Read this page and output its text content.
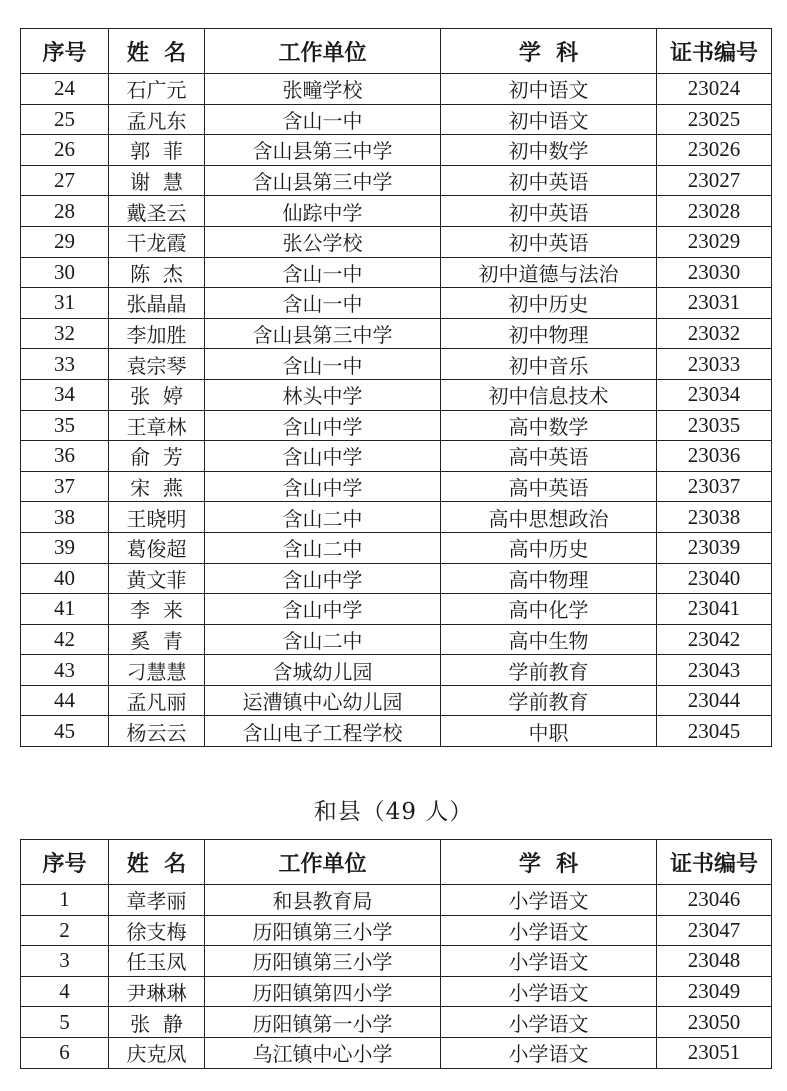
序号	姓  名	工作单位	学  科	证书编号
24	石广元	张疃学校	初中语文	23024
25	孟凡东	含山一中	初中语文	23025
26	郭  菲	含山县第三中学	初中数学	23026
27	谢  慧	含山县第三中学	初中英语	23027
28	戴圣云	仙踪中学	初中英语	23028
29	干龙霞	张公学校	初中英语	23029
30	陈  杰	含山一中	初中道德与法治	23030
31	张晶晶	含山一中	初中历史	23031
32	李加胜	含山县第三中学	初中物理	23032
33	袁宗琴	含山一中	初中音乐	23033
34	张  婷	林头中学	初中信息技术	23034
35	王章林	含山中学	高中数学	23035
36	俞  芳	含山中学	高中英语	23036
37	宋  燕	含山中学	高中英语	23037
38	王晓明	含山二中	高中思想政治	23038
39	葛俊超	含山二中	高中历史	23039
40	黄文菲	含山中学	高中物理	23040
41	李  来	含山中学	高中化学	23041
42	奚  青	含山二中	高中生物	23042
43	刁慧慧	含城幼儿园	学前教育	23043
44	孟凡丽	运漕镇中心幼儿园	学前教育	23044
45	杨云云	含山电子工程学校	中职	23045
和县（49 人）
序号	姓  名	工作单位	学  科	证书编号
1	章孝丽	和县教育局	小学语文	23046
2	徐支梅	历阳镇第三小学	小学语文	23047
3	任玉凤	历阳镇第三小学	小学语文	23048
4	尹琳琳	历阳镇第四小学	小学语文	23049
5	张  静	历阳镇第一小学	小学语文	23050
6	庆克凤	乌江镇中心小学	小学语文	23051
